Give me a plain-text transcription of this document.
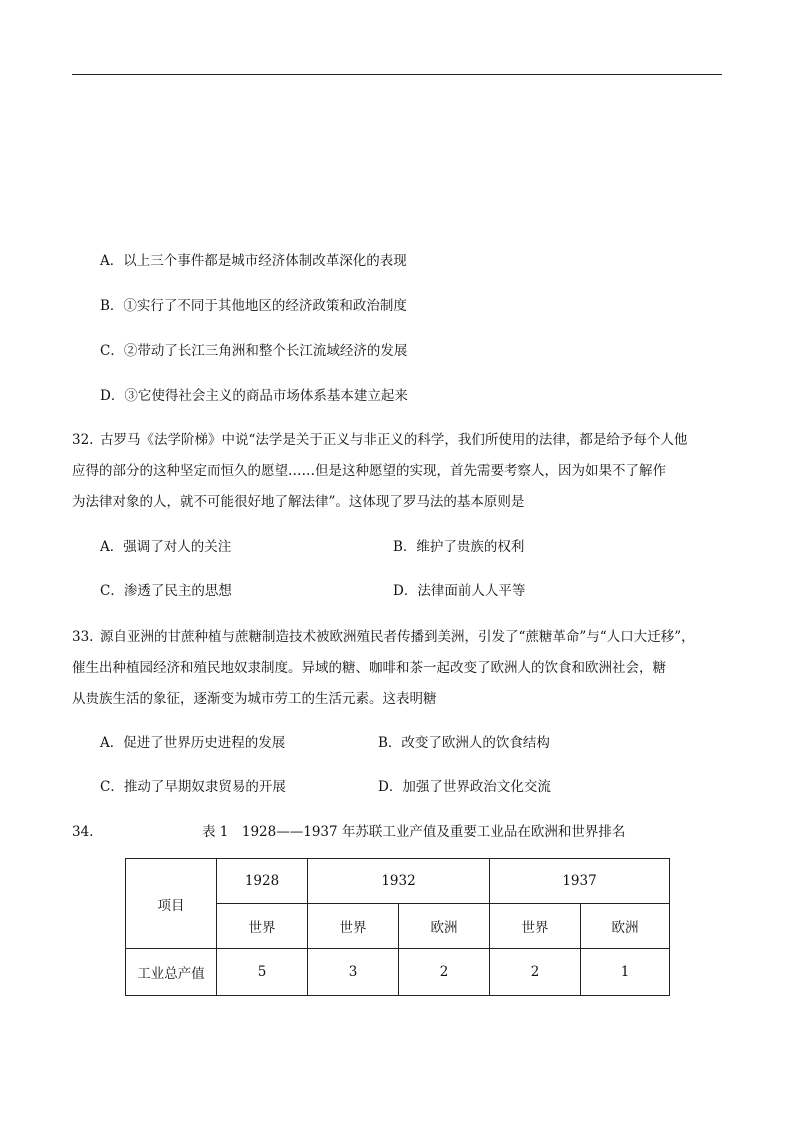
A．以上三个事件都是城市经济体制改革深化的表现
B．①实行了不同于其他地区的经济政策和政治制度
C．②带动了长江三角洲和整个长江流域经济的发展
D．③它使得社会主义的商品市场体系基本建立起来
32. 古罗马《法学阶梯》中说“法学是关于正义与非正义的科学，我们所使用的法律，都是给予每个人他
应得的部分的这种坚定而恒久的愿望……但是这种愿望的实现，首先需要考察人，因为如果不了解作
为法律对象的人，就不可能很好地了解法律”。这体现了罗马法的基本原则是
A．强调了对人的关注	B．维护了贵族的权利
C．渗透了民主的思想	D．法律面前人人平等
33. 源自亚洲的甘蔗种植与蔗糖制造技术被欧洲殖民者传播到美洲，引发了“蔗糖革命”与“人口大迁移”，
催生出种植园经济和殖民地奴隶制度。异域的糖、咖啡和茶一起改变了欧洲人的饮食和欧洲社会，糖
从贵族生活的象征，逐渐变为城市劳工的生活元素。这表明糖
A．促进了世界历史进程的发展	B．改变了欧洲人的饮食结构
C．推动了早期奴隶贸易的开展	D．加强了世界政治文化交流
34.	表 1　1928——1937 年苏联工业产值及重要工业品在欧洲和世界排名
项目	1928	1932		1937	
	世界	世界	欧洲	世界	欧洲
工业总产值	5	3	2	2	1
